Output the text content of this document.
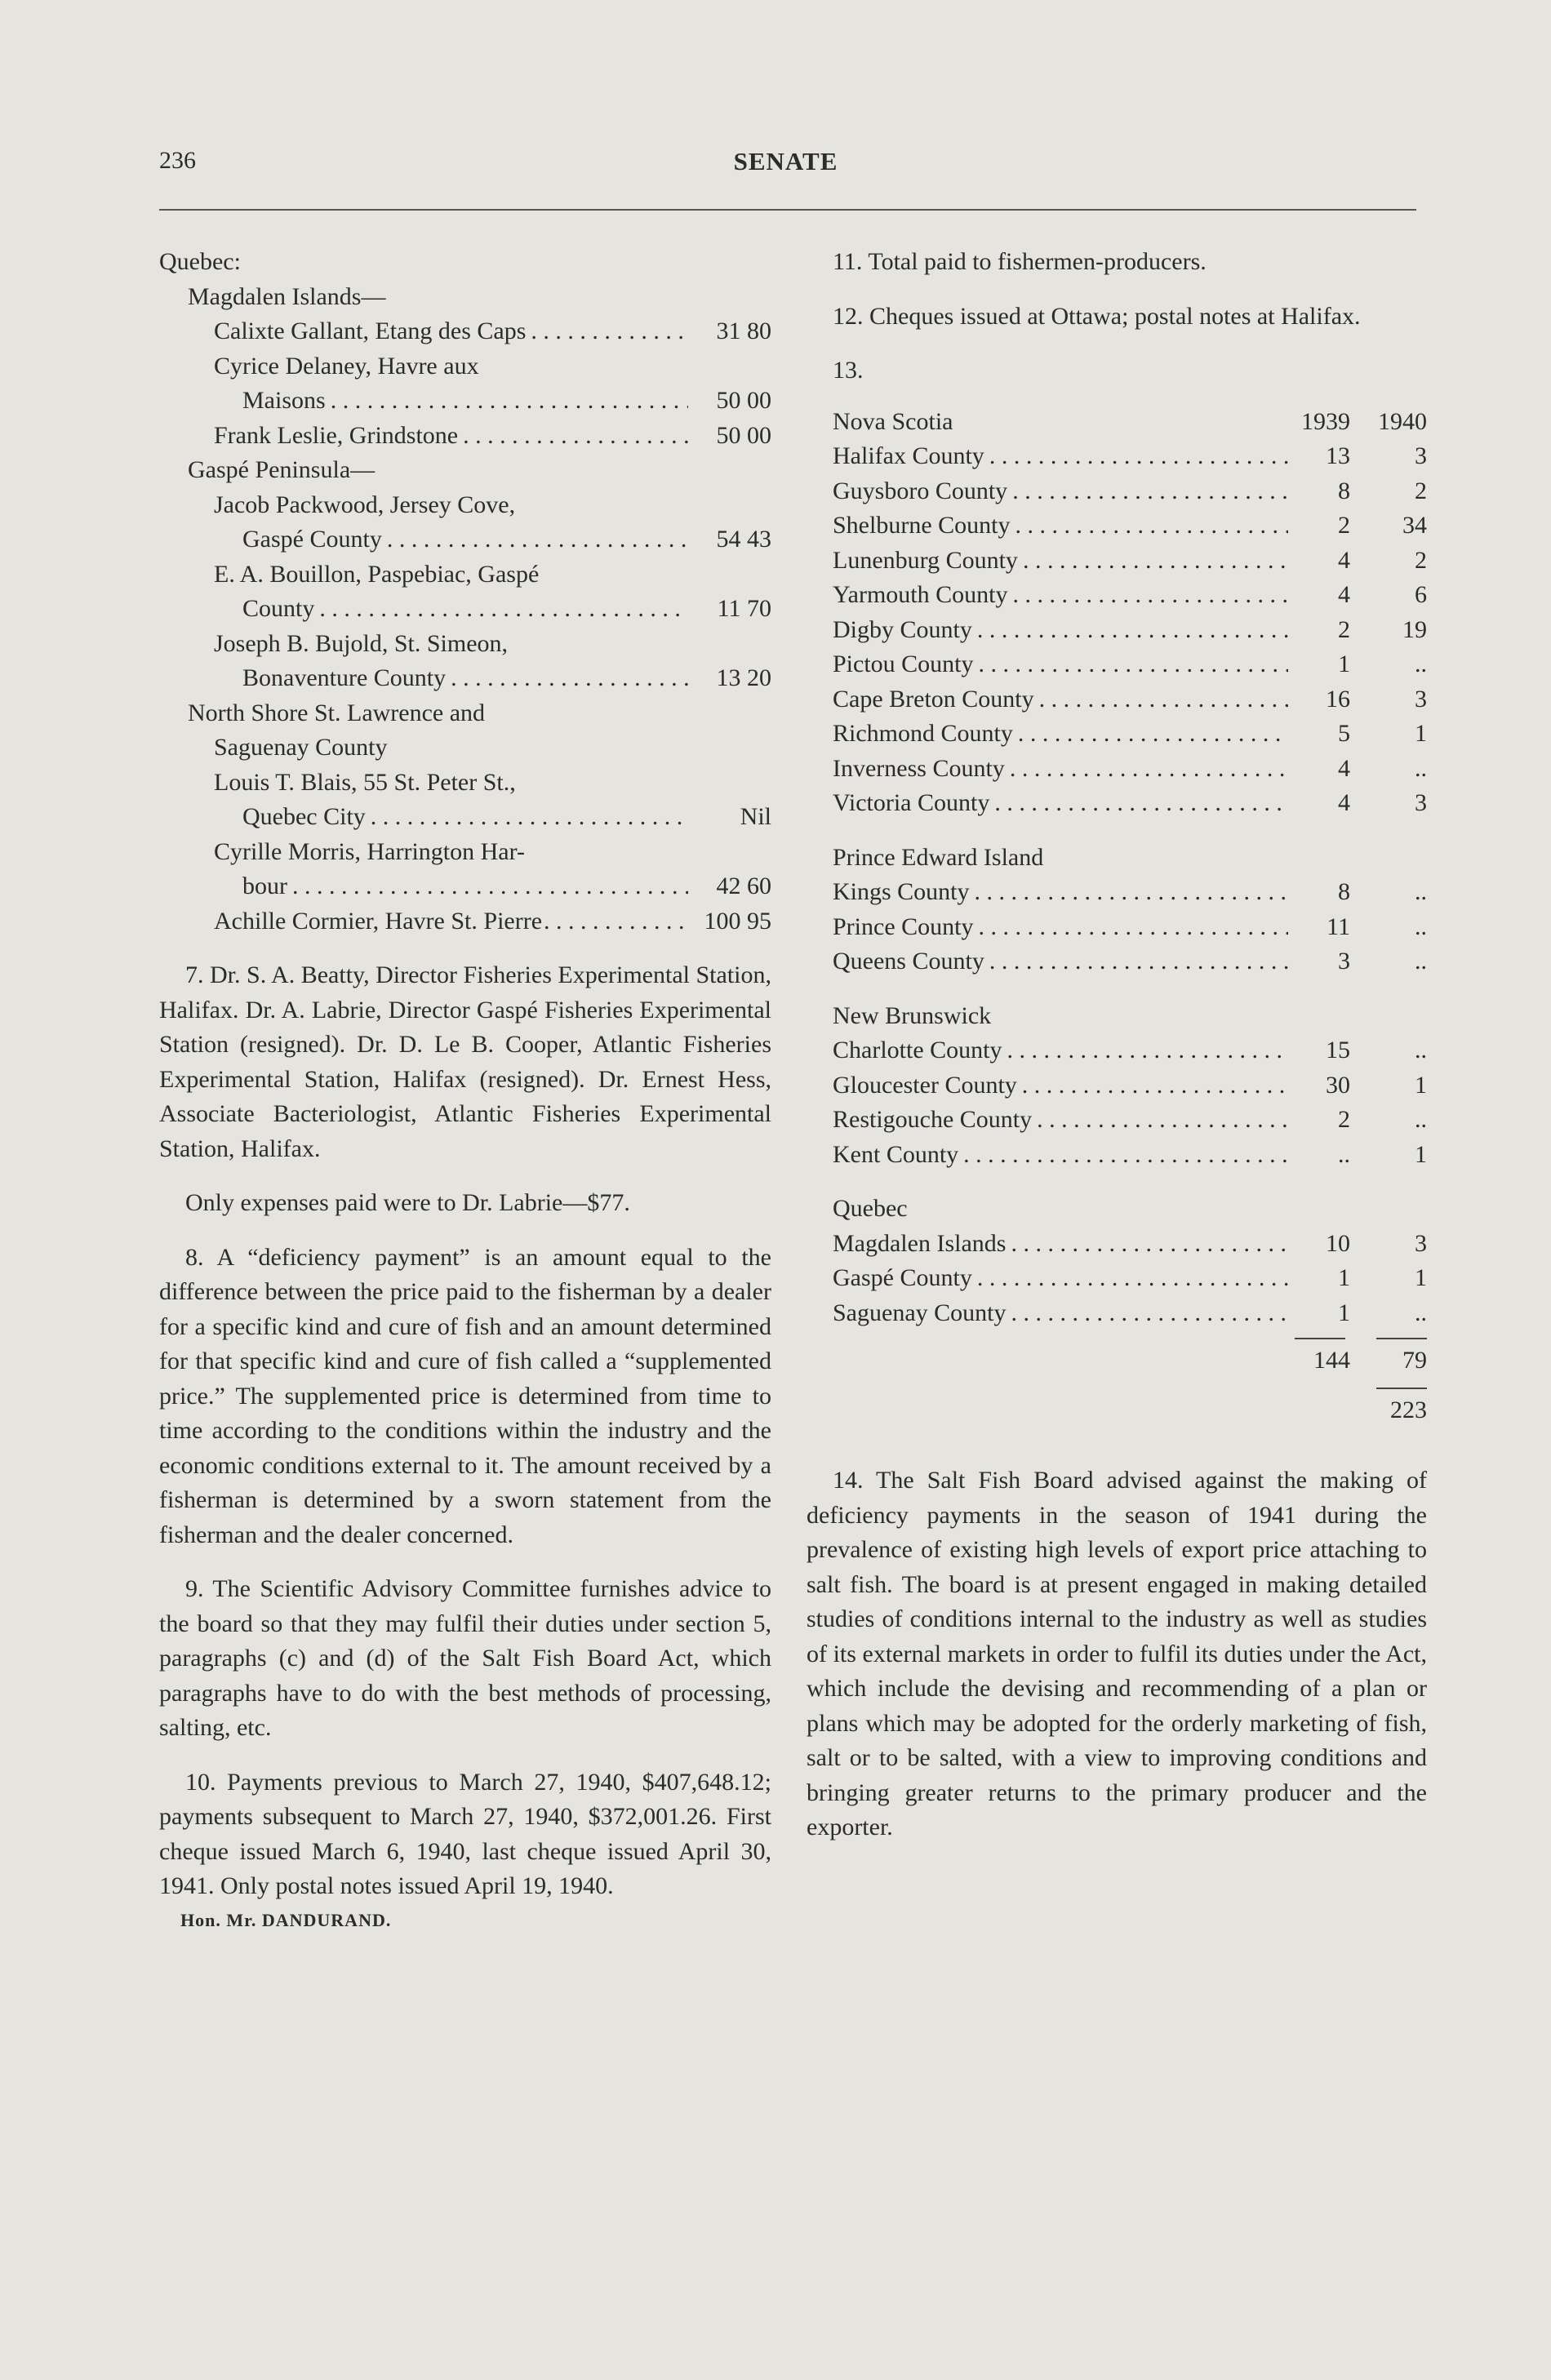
236	SENATE
Quebec:
Magdalen Islands—
Calixte Gallant, Etang des Caps . . .	31 80
Cyrice Delaney, Havre aux
Maisons . . .	50 00
Frank Leslie, Grindstone . . .	50 00
Gaspé Peninsula—
Jacob Packwood, Jersey Cove,
Gaspé County . . .	54 43
E. A. Bouillon, Paspebiac, Gaspé
County . . .	11 70
Joseph B. Bujold, St. Simeon,
Bonaventure County . . .	13 20
North Shore St. Lawrence and
Saguenay County
Louis T. Blais, 55 St. Peter St.,
Quebec City . . .	Nil
Cyrille Morris, Harrington Har-
bour . . .	42 60
Achille Cormier, Havre St. Pierre . . .	100 95

7. Dr. S. A. Beatty, Director Fisheries Experimental Station, Halifax. Dr. A. Labrie, Director Gaspé Fisheries Experimental Station (resigned). Dr. D. Le B. Cooper, Atlantic Fisheries Experimental Station, Halifax (resigned). Dr. Ernest Hess, Associate Bacteriologist, Atlantic Fisheries Experimental Station, Halifax.

Only expenses paid were to Dr. Labrie—$77.

8. A “deficiency payment” is an amount equal to the difference between the price paid to the fisherman by a dealer for a specific kind and cure of fish and an amount determined for that specific kind and cure of fish called a “supplemented price.” The supplemented price is determined from time to time according to the conditions within the industry and the economic conditions external to it. The amount received by a fisherman is determined by a sworn statement from the fisherman and the dealer concerned.

9. The Scientific Advisory Committee furnishes advice to the board so that they may fulfil their duties under section 5, paragraphs (c) and (d) of the Salt Fish Board Act, which paragraphs have to do with the best methods of processing, salting, etc.

10. Payments previous to March 27, 1940, $407,648.12; payments subsequent to March 27, 1940, $372,001.26. First cheque issued March 6, 1940, last cheque issued April 30, 1941. Only postal notes issued April 19, 1940.

Hon. Mr. DANDURAND.

11. Total paid to fishermen-producers.

12. Cheques issued at Ottawa; postal notes at Halifax.

13.

Nova Scotia	1939	1940
Halifax County . . .	13	3
Guysboro County . . .	8	2
Shelburne County . . .	2	34
Lunenburg County . . .	4	2
Yarmouth County . . .	4	6
Digby County . . .	2	19
Pictou County . . .	1	..
Cape Breton County . . .	16	3
Richmond County . . .	5	1
Inverness County . . .	4	..
Victoria County . . .	4	3
Prince Edward Island
Kings County . . .	8	..
Prince County . . .	11	..
Queens County . . .	3	..
New Brunswick
Charlotte County . . .	15	..
Gloucester County . . .	30	1
Restigouche County . . .	2	..
Kent County . . .	..	1
Quebec
Magdalen Islands . . .	10	3
Gaspé County . . .	1	1
Saguenay County . . .	1	..
144	79
223

14. The Salt Fish Board advised against the making of deficiency payments in the season of 1941 during the prevalence of existing high levels of export price attaching to salt fish. The board is at present engaged in making detailed studies of conditions internal to the industry as well as studies of its external markets in order to fulfil its duties under the Act, which include the devising and recommending of a plan or plans which may be adopted for the orderly marketing of fish, salt or to be salted, with a view to improving conditions and bringing greater returns to the primary producer and the exporter.
